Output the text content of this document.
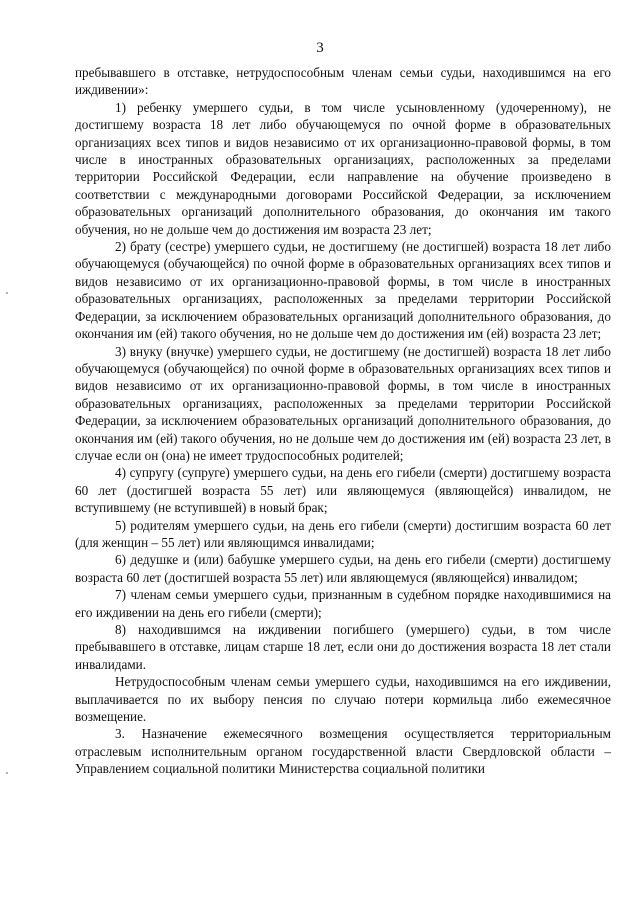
3

пребывавшего в отставке, нетрудоспособным членам семьи судьи, находившимся на его иждивении»:

1) ребенку умершего судьи, в том числе усыновленному (удочеренному), не достигшему возраста 18 лет либо обучающемуся по очной форме в образовательных организациях всех типов и видов независимо от их организационно-правовой формы, в том числе в иностранных образовательных организациях, расположенных за пределами территории Российской Федерации, если направление на обучение произведено в соответствии с международными договорами Российской Федерации, за исключением образовательных организаций дополнительного образования, до окончания им такого обучения, но не дольше чем до достижения им возраста 23 лет;

2) брату (сестре) умершего судьи, не достигшему (не достигшей) возраста 18 лет либо обучающемуся (обучающейся) по очной форме в образовательных организациях всех типов и видов независимо от их организационно-правовой формы, в том числе в иностранных образовательных организациях, расположенных за пределами территории Российской Федерации, за исключением образовательных организаций дополнительного образования, до окончания им (ей) такого обучения, но не дольше чем до достижения им (ей) возраста 23 лет;

3) внуку (внучке) умершего судьи, не достигшему (не достигшей) возраста 18 лет либо обучающемуся (обучающейся) по очной форме в образовательных организациях всех типов и видов независимо от их организационно-правовой формы, в том числе в иностранных образовательных организациях, расположенных за пределами территории Российской Федерации, за исключением образовательных организаций дополнительного образования, до окончания им (ей) такого обучения, но не дольше чем до достижения им (ей) возраста 23 лет, в случае если он (она) не имеет трудоспособных родителей;

4) супругу (супруге) умершего судьи, на день его гибели (смерти) достигшему возраста 60 лет (достигшей возраста 55 лет) или являющемуся (являющейся) инвалидом, не вступившему (не вступившей) в новый брак;

5) родителям умершего судьи, на день его гибели (смерти) достигшим возраста 60 лет (для женщин – 55 лет) или являющимся инвалидами;

6) дедушке и (или) бабушке умершего судьи, на день его гибели (смерти) достигшему возраста 60 лет (достигшей возраста 55 лет) или являющемуся (являющейся) инвалидом;

7) членам семьи умершего судьи, признанным в судебном порядке находившимися на его иждивении на день его гибели (смерти);

8) находившимся на иждивении погибшего (умершего) судьи, в том числе пребывавшего в отставке, лицам старше 18 лет, если они до достижения возраста 18 лет стали инвалидами.

Нетрудоспособным членам семьи умершего судьи, находившимся на его иждивении, выплачивается по их выбору пенсия по случаю потери кормильца либо ежемесячное возмещение.

3. Назначение ежемесячного возмещения осуществляется территориальным отраслевым исполнительным органом государственной власти Свердловской области – Управлением социальной политики Министерства социальной политики
